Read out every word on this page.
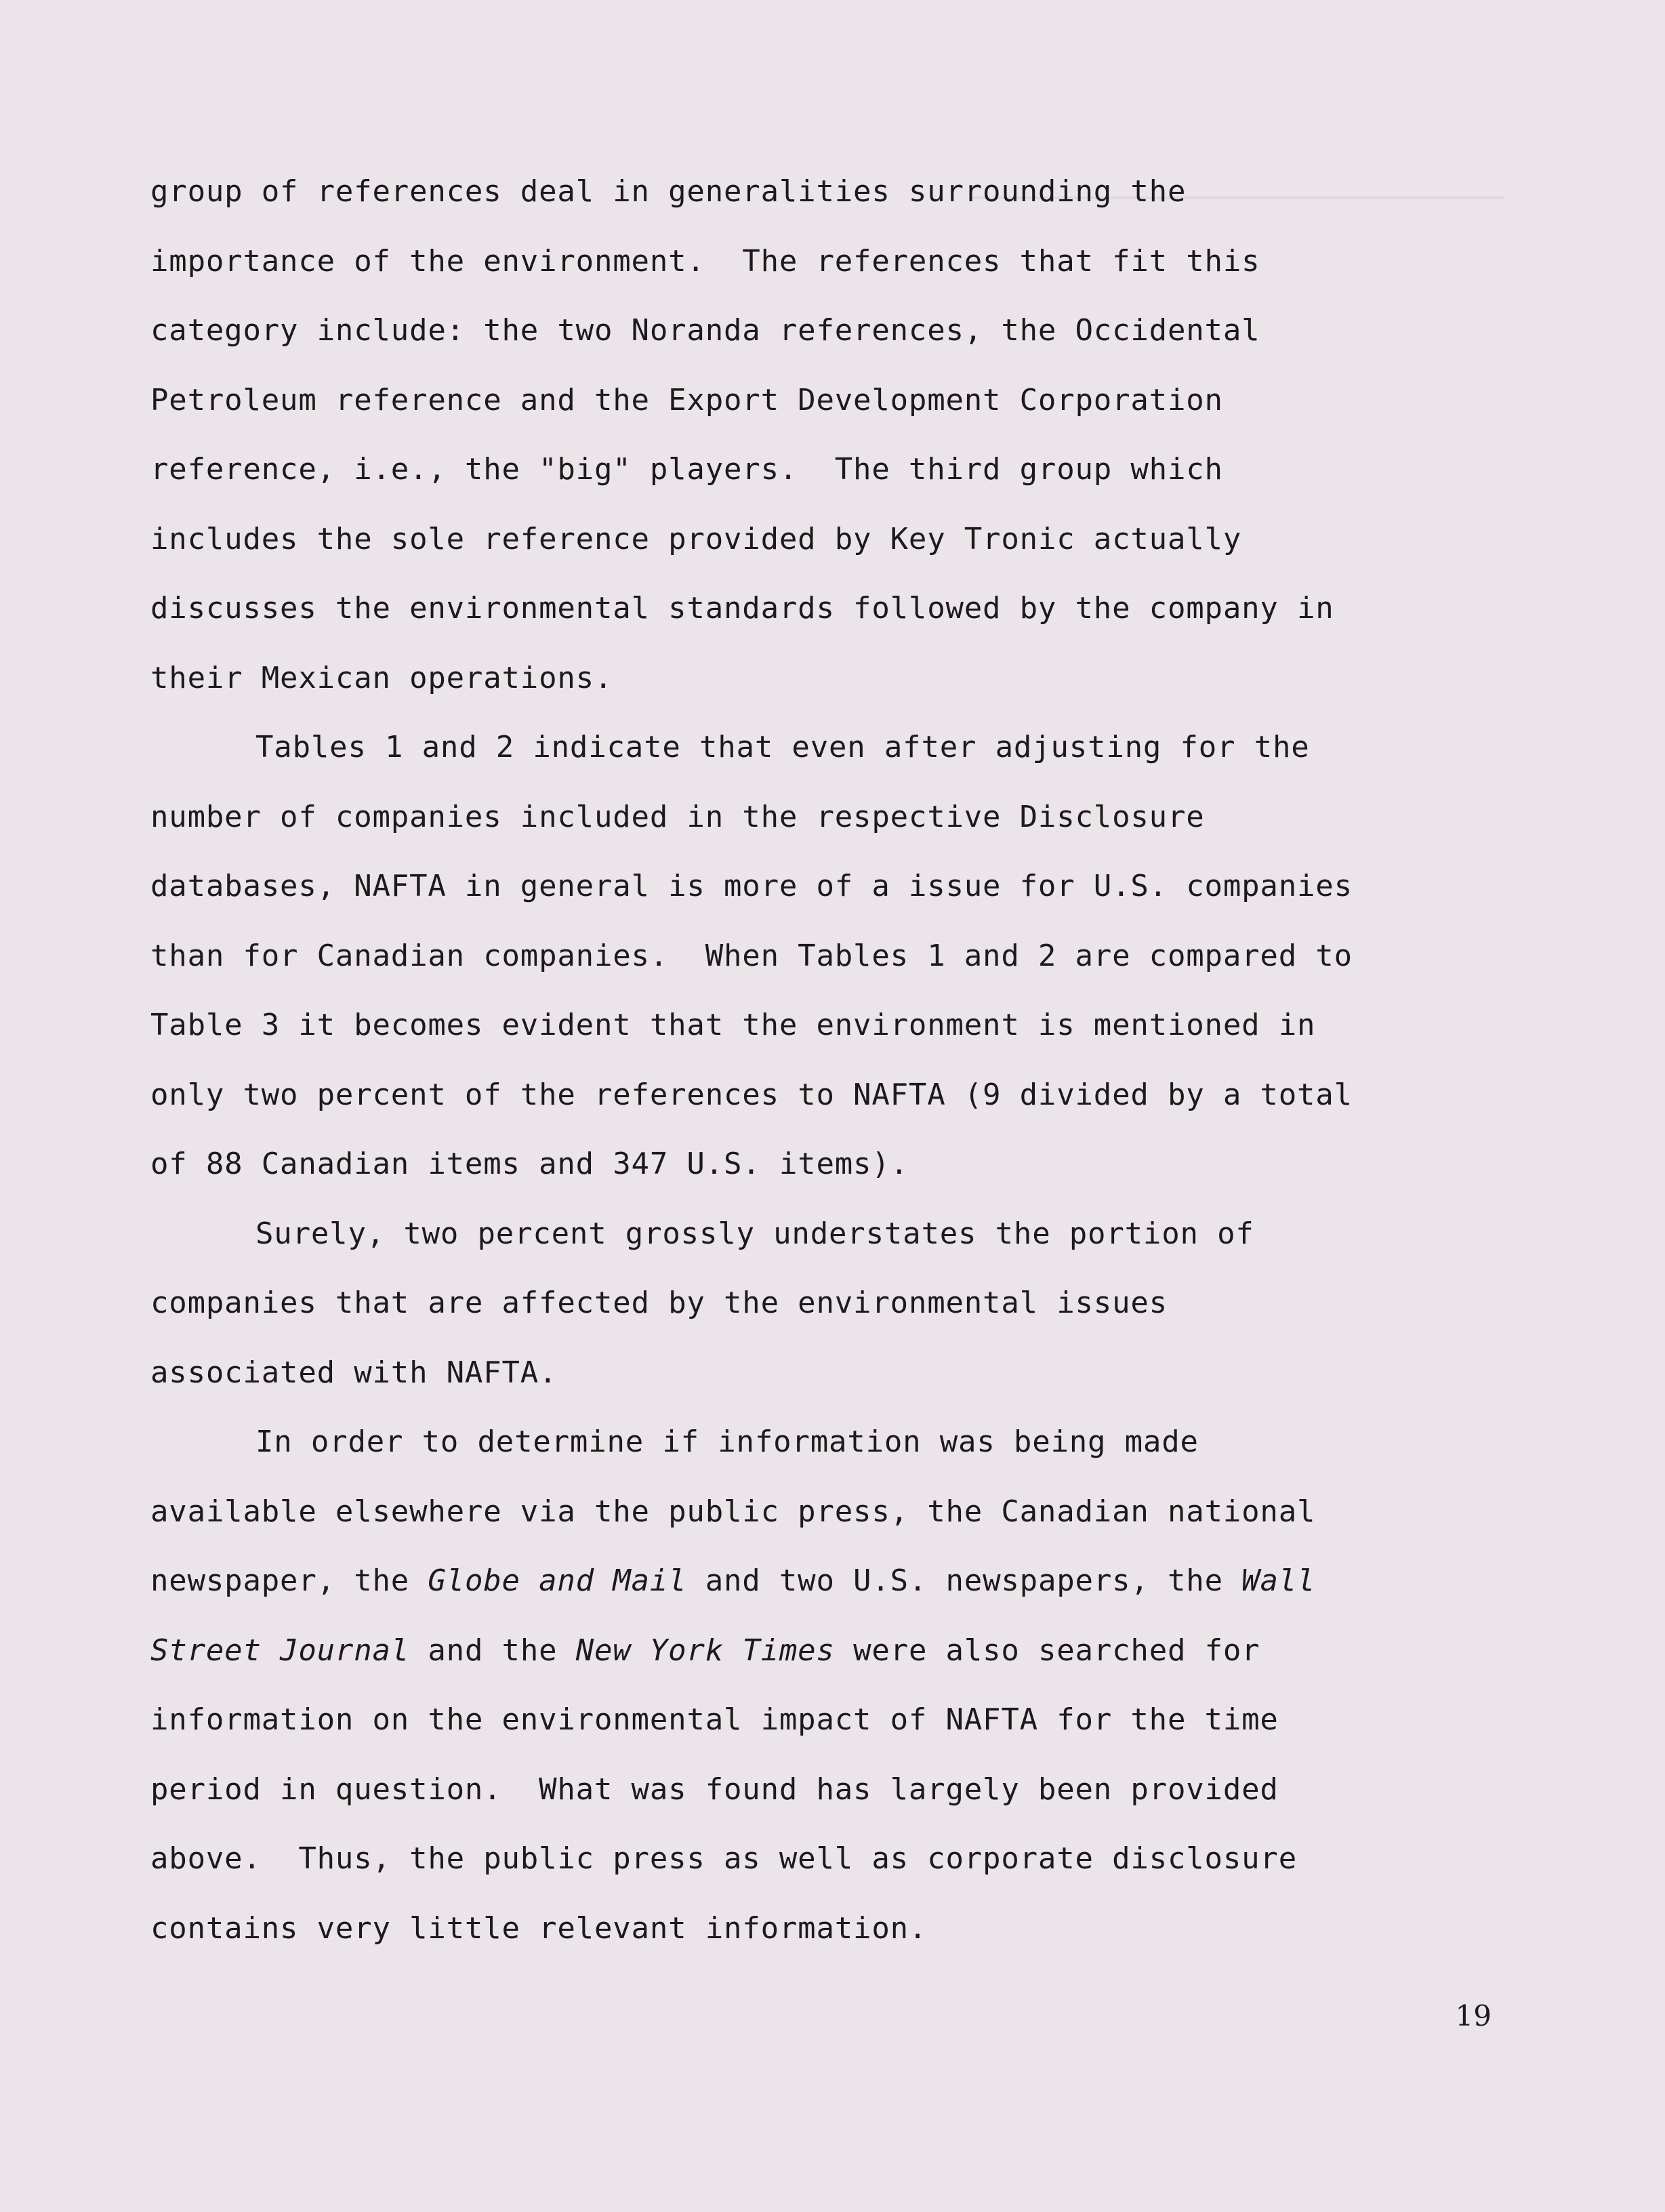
group of references deal in generalities surrounding the
importance of the environment.  The references that fit this
category include: the two Noranda references, the Occidental
Petroleum reference and the Export Development Corporation
reference, i.e., the "big" players.  The third group which
includes the sole reference provided by Key Tronic actually
discusses the environmental standards followed by the company in
their Mexican operations.
Tables 1 and 2 indicate that even after adjusting for the
number of companies included in the respective Disclosure
databases, NAFTA in general is more of a issue for U.S. companies
than for Canadian companies.  When Tables 1 and 2 are compared to
Table 3 it becomes evident that the environment is mentioned in
only two percent of the references to NAFTA (9 divided by a total
of 88 Canadian items and 347 U.S. items).
Surely, two percent grossly understates the portion of
companies that are affected by the environmental issues
associated with NAFTA.
In order to determine if information was being made
available elsewhere via the public press, the Canadian national
newspaper, the Globe and Mail and two U.S. newspapers, the Wall
Street Journal and the New York Times were also searched for
information on the environmental impact of NAFTA for the time
period in question.  What was found has largely been provided
above.  Thus, the public press as well as corporate disclosure
contains very little relevant information.
19
